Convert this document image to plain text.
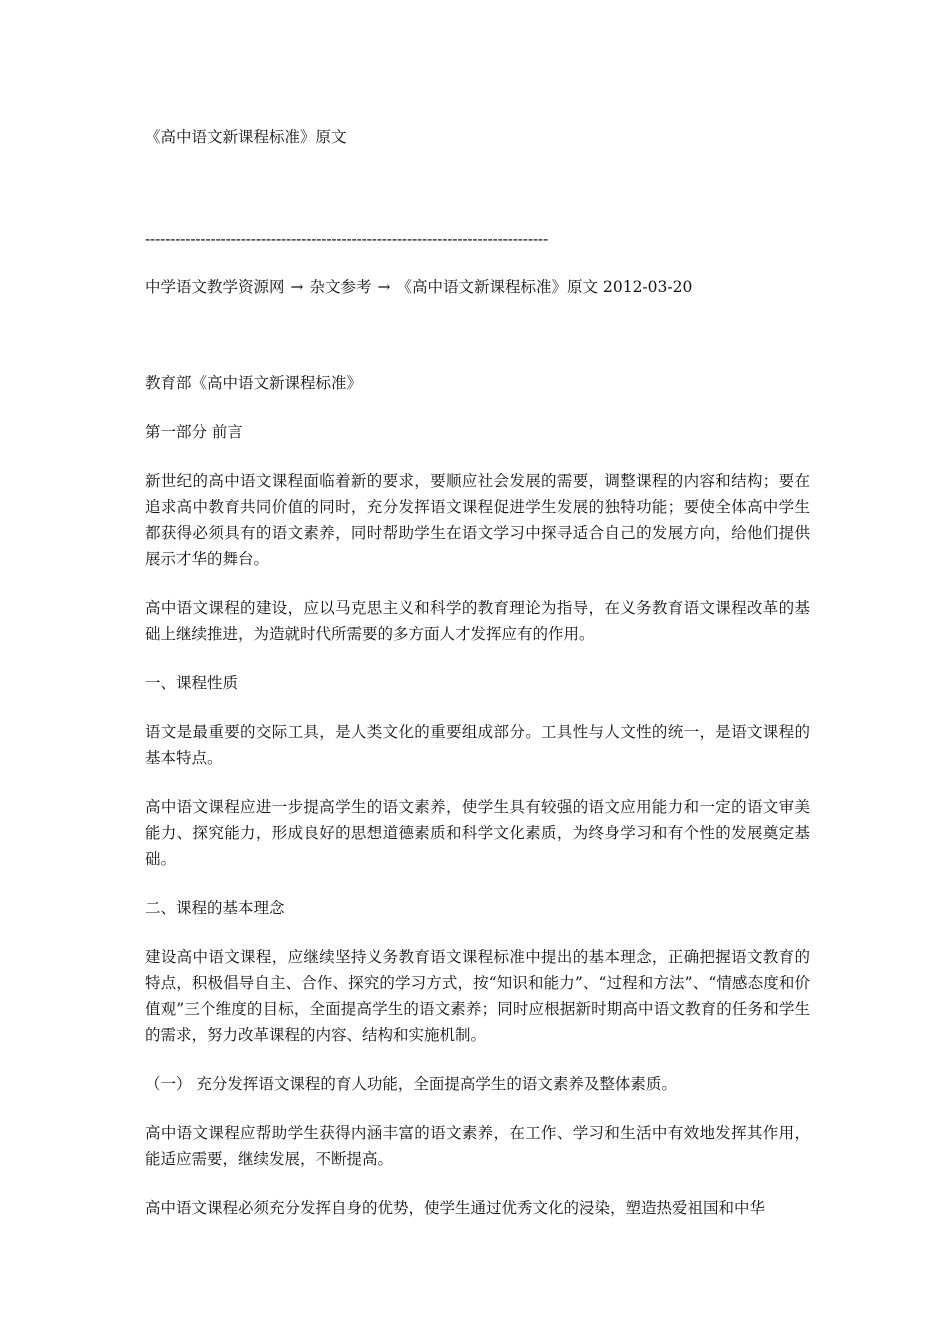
《高中语文新课程标准》原文
--------------------------------------------------------------------------------
中学语文教学资源网 → 杂文参考 → 《高中语文新课程标准》原文 2012-03-20

教育部《高中语文新课程标准》

第一部分 前言

新世纪的高中语文课程面临着新的要求，要顺应社会发展的需要，调整课程的内容和结构；要在追求高中教育共同价值的同时，充分发挥语文课程促进学生发展的独特功能；要使全体高中学生都获得必须具有的语文素养，同时帮助学生在语文学习中探寻适合自己的发展方向，给他们提供展示才华的舞台。

高中语文课程的建设，应以马克思主义和科学的教育理论为指导，在义务教育语文课程改革的基础上继续推进，为造就时代所需要的多方面人才发挥应有的作用。

一、课程性质

语文是最重要的交际工具，是人类文化的重要组成部分。工具性与人文性的统一，是语文课程的基本特点。

高中语文课程应进一步提高学生的语文素养，使学生具有较强的语文应用能力和一定的语文审美能力、探究能力，形成良好的思想道德素质和科学文化素质，为终身学习和有个性的发展奠定基础。

二、课程的基本理念

建设高中语文课程，应继续坚持义务教育语文课程标准中提出的基本理念，正确把握语文教育的特点，积极倡导自主、合作、探究的学习方式，按“知识和能力”、“过程和方法”、“情感态度和价值观”三个维度的目标，全面提高学生的语文素养；同时应根据新时期高中语文教育的任务和学生的需求，努力改革课程的内容、结构和实施机制。

（一） 充分发挥语文课程的育人功能，全面提高学生的语文素养及整体素质。

高中语文课程应帮助学生获得内涵丰富的语文素养，在工作、学习和生活中有效地发挥其作用，能适应需要，继续发展，不断提高。

高中语文课程必须充分发挥自身的优势，使学生通过优秀文化的浸染，塑造热爱祖国和中华
